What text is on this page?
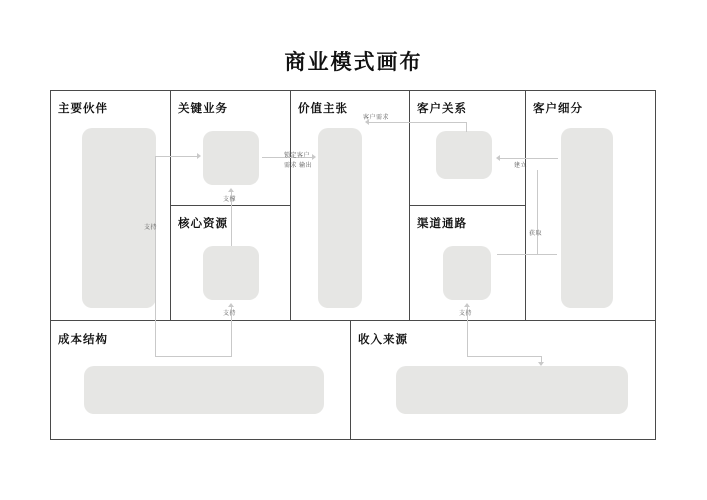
商业模式画布
主要伙伴	关键业务	价值主张	客户关系	客户细分
核心资源	渠道通路
成本结构	收入来源
支持
支撑
支持
需求 输出
锁定客户
客户需求
建立
获取
支持
